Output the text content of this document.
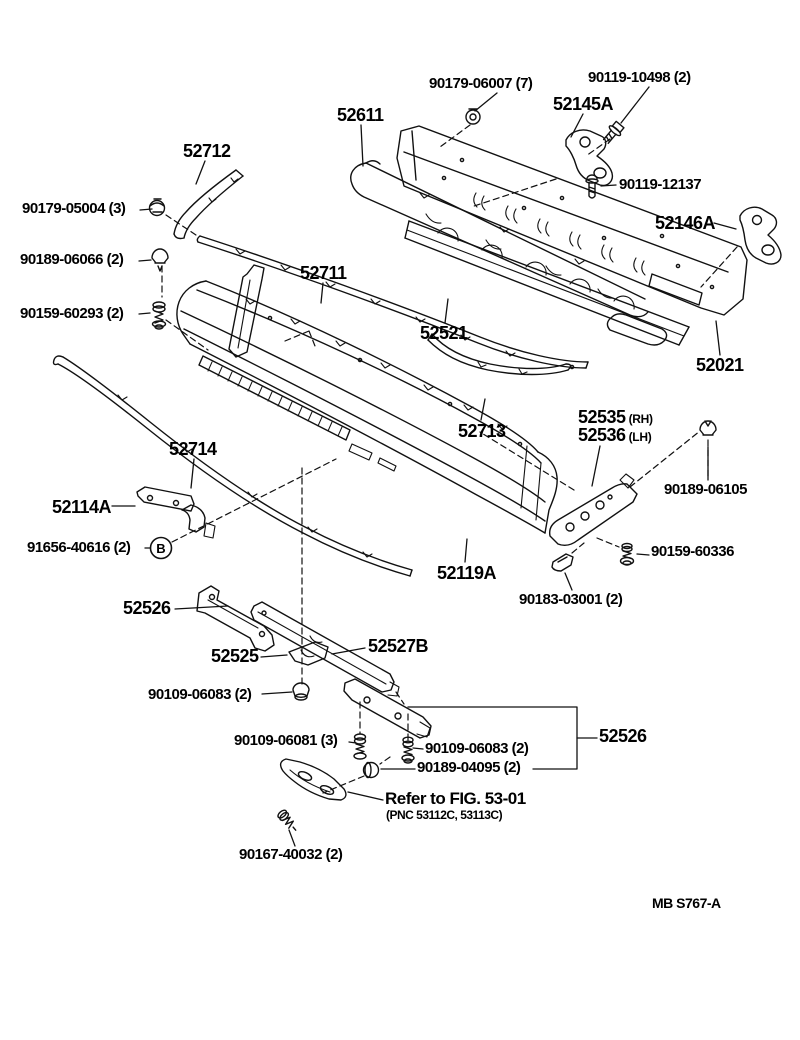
B
90179-06007 (7)	90119-10498 (2)
52145A
52611
52712
90119-12137
90179-05004 (3)
52146A
90189-06066 (2)
52711
90159-60293 (2)
52521
52021
52535 (RH)
52536 (LH)
52713
52714
90189-06105
52114A
91656-40616 (2)	90159-60336
52119A
90183-03001 (2)
52526
52527B
52525
90109-06083 (2)
90109-06081 (3)	90109-06083 (2)
52526
90189-04095 (2)
Refer to FIG. 53-01
(PNC 53112C, 53113C)
90167-40032 (2)
MB S767-A
